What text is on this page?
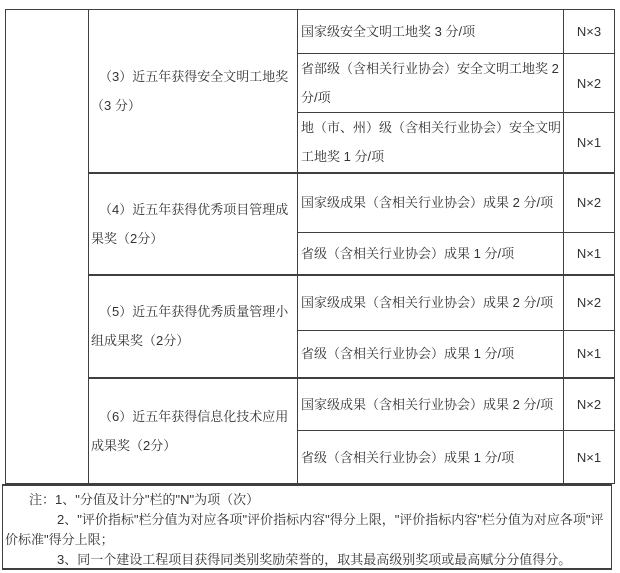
	（3）近五年获得安全文明工地奖（3 分）	国家级安全文明工地奖 3 分/项	N×3
		省部级（含相关行业协会）安全文明工地奖 2 分/项	N×2
		地（市、州）级（含相关行业协会）安全文明工地奖 1 分/项	N×1
	（4）近五年获得优秀项目管理成果奖（2分）	国家级成果（含相关行业协会）成果 2 分/项	N×2
		省级（含相关行业协会）成果 1 分/项	N×1
	（5）近五年获得优秀质量管理小组成果奖（2分）	国家级成果（含相关行业协会）成果 2 分/项	N×2
		省级（含相关行业协会）成果 1 分/项	N×1
	（6）近五年获得信息化技术应用成果奖（2分）	国家级成果（含相关行业协会）成果 2 分/项	N×2
		省级（含相关行业协会）成果 1 分/项	N×1

注：1、"分值及计分"栏的"N"为项（次）

2、"评价指标"栏分值为对应各项"评价指标内容"得分上限，"评价指标内容"栏分值为对应各项"评价标准"得分上限；

3、同一个建设工程项目获得同类别奖励荣誉的，取其最高级别奖项或最高赋分分值得分。
